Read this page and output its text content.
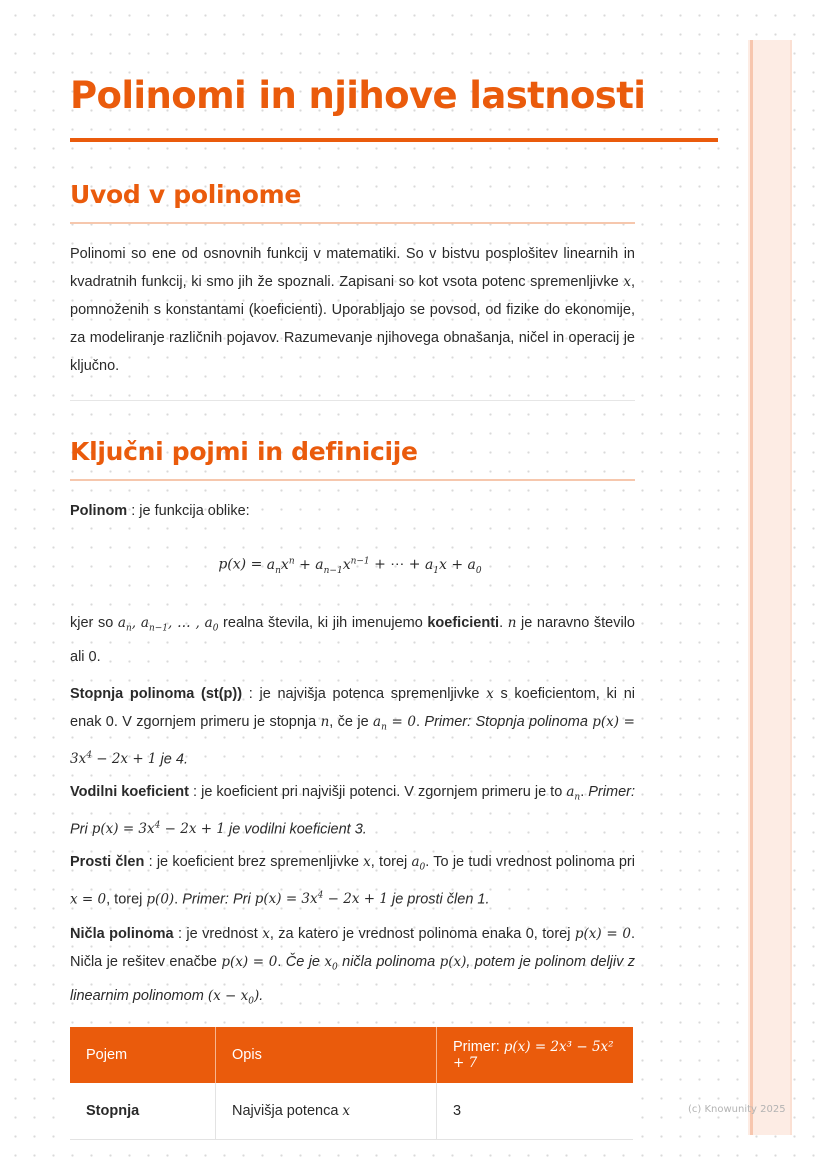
Polinomi in njihove lastnosti
Uvod v polinome

Polinomi so ene od osnovnih funkcij v matematiki. So v bistvu posplošitev linearnih in kvadratnih funkcij, ki smo jih že spoznali. Zapisani so kot vsota potenc spremenljivke x, pomnoženih s konstantami (koeficienti). Uporabljajo se povsod, od fizike do ekonomije, za modeliranje različnih pojavov. Razumevanje njihovega obnašanja, ničel in operacij je ključno.

Ključni pojmi in definicije

Polinom : je funkcija oblike:

$p(x) = a_nx^n + a_{n-1}x^{n-1}$ + ⋯ + $a_1x + a_0$

kjer so $a_n$, $a_{n-1}$, … , $a_0$ realna števila, ki jih imenujemo koeficienti. n je naravno število ali 0.

Stopnja polinoma (st(p)) : je najvišja potenca spremenljivke x s koeficientom, ki ni enak 0. V zgornjem primeru je stopnja n, če je $a_n = 0$. Primer: Stopnja polinoma $p(x) = 3x^4 - 2x + 1$ je 4.

Vodilni koeficient : je koeficient pri najvišji potenci. V zgornjem primeru je to $a_n$. Primer: Pri $p(x) = 3x^4 - 2x + 1$ je vodilni koeficient 3.

Prosti člen : je koeficient brez spremenljivke x, torej $a_0$. To je tudi vrednost polinoma pri x = 0, torej p(0). Primer: Pri $p(x) = 3x^4 - 2x + 1$ je prosti člen 1.

Ničla polinoma : je vrednost x, za katero je vrednost polinoma enaka 0, torej p(x) = 0. Ničla je rešitev enačbe p(x) = 0. Če je $x_0$ ničla polinoma p(x), potem je polinom deljiv z linearnim polinomom $(x - x_0)$.

Pojem	Opis	Primer: p(x) = 2x³ − 5x² + 7
Stopnja	Najvišja potenca x	3	(c) Knowunity 2025
